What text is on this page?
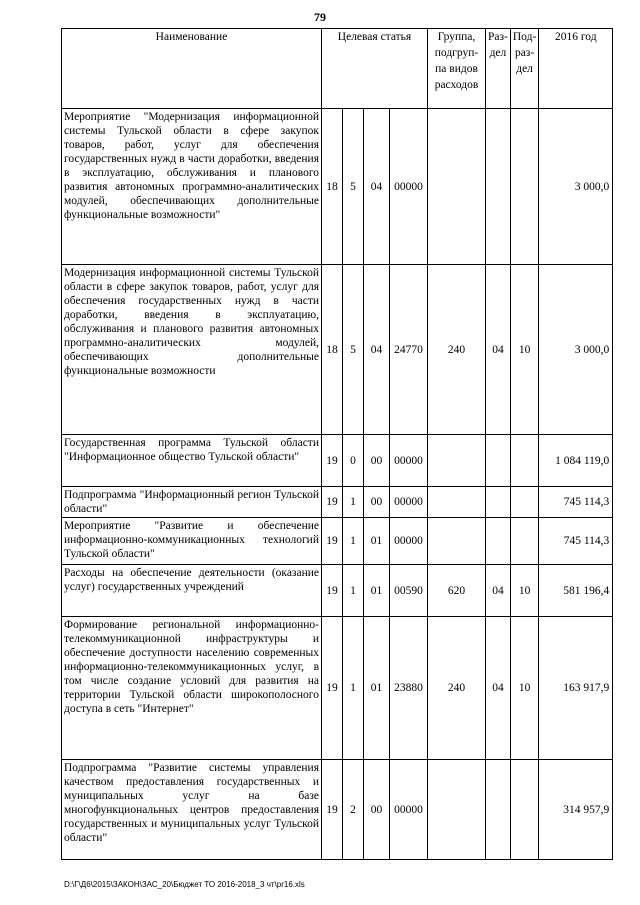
79
Наименование	Целевая статья				Группа, подгруп- па видов расходов	Раз- дел	Под- раз- дел	2016 год
Мероприятие "Модернизация информационной системы Тульской области в сфере закупок товаров, работ, услуг для обеспечения государственных нужд в части доработки, введения в эксплуатацию, обслуживания и планового развития автономных программно-аналитических модулей, обеспечивающих дополнительные функциональные возможности"	18	5	04	00000				3 000,0
Модернизация информационной системы Тульской области в сфере закупок товаров, работ, услуг для обеспечения государственных нужд в части доработки, введения в эксплуатацию, обслуживания и планового развития автономных программно-аналитических модулей, обеспечивающих дополнительные функциональные возможности	18	5	04	24770	240	04	10	3 000,0
Государственная программа Тульской области "Информационное общество Тульской области"	19	0	00	00000				1 084 119,0
Подпрограмма "Информационный регион Тульской области"	19	1	00	00000				745 114,3
Мероприятие "Развитие и обеспечение информационно-коммуникационных технологий Тульской области"	19	1	01	00000				745 114,3
Расходы на обеспечение деятельности (оказание услуг) государственных учреждений	19	1	01	00590	620	04	10	581 196,4
Формирование региональной информационно-телекоммуникационной инфраструктуры и обеспечение доступности населению современных информационно-телекоммуникационных услуг, в том числе создание условий для развития на территории Тульской области широкополосного доступа в сеть "Интернет"	19	1	01	23880	240	04	10	163 917,9
Подпрограмма "Развитие системы управления качеством предоставления государственных и муниципальных услуг на базе многофункциональных центров предоставления государственных и муниципальных услуг Тульской области"	19	2	00	00000				314 957,9
D:\Г\Д6\2015\ЗАКОН\ЗАС_20\Бюджет ТО 2016-2018_3 чт\pr16.xls
